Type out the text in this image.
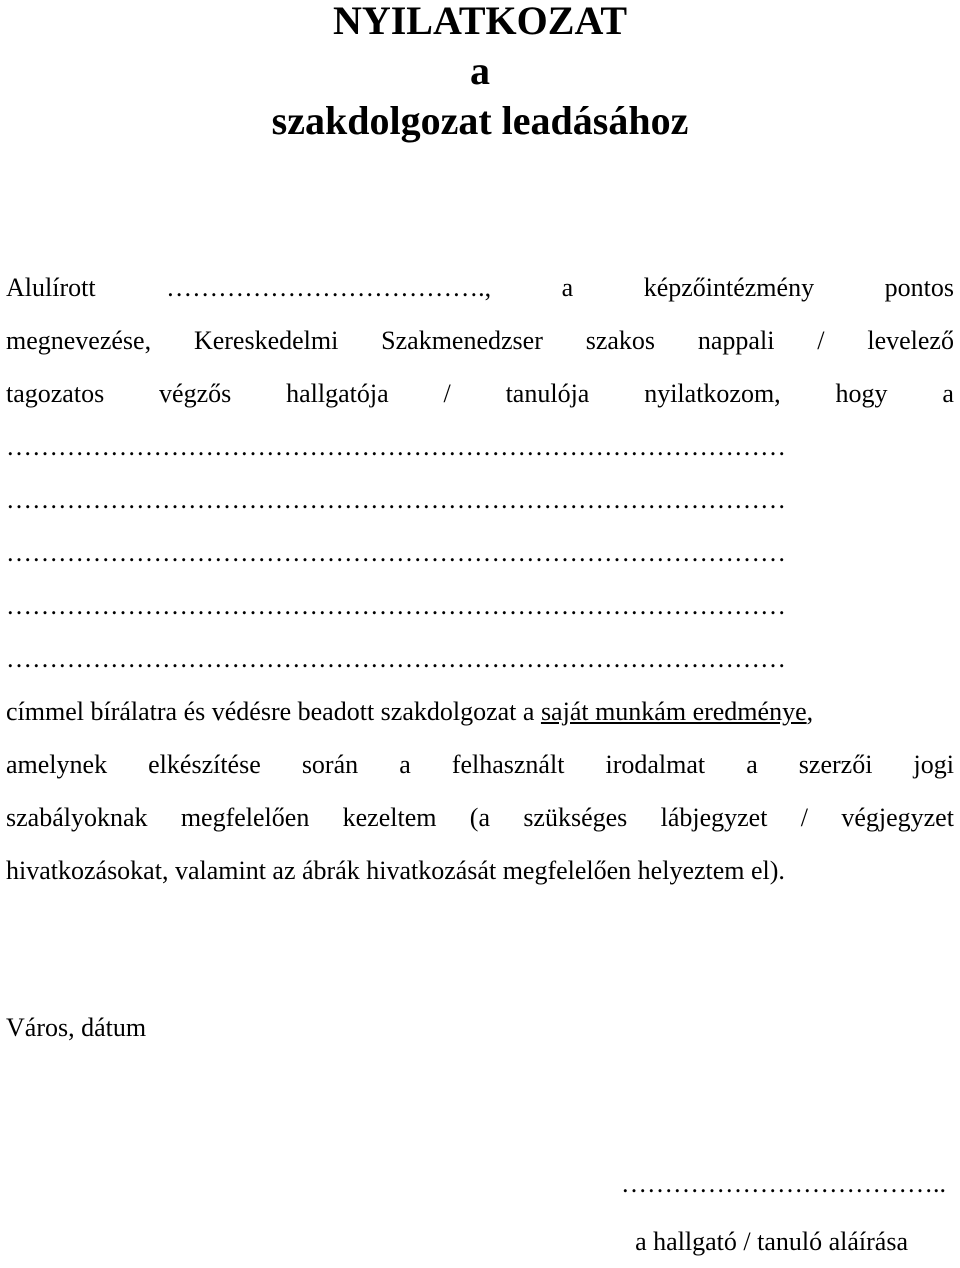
NYILATKOZAT
a
szakdolgozat leadásához
Alulírott	……………………………….,	a	képzőintézmény	pontos
megnevezése, Kereskedelmi Szakmenedzser szakos nappali / levelező
tagozatos végzős hallgatója / tanulója nyilatkozom, hogy a
………………………………………………………………………………
………………………………………………………………………………
………………………………………………………………………………
………………………………………………………………………………
………………………………………………………………………………
címmel bírálatra és védésre beadott szakdolgozat a saját munkám eredménye,
amelynek elkészítése során a felhasznált irodalmat a szerzői jogi
szabályoknak megfelelően kezeltem (a szükséges lábjegyzet / végjegyzet
hivatkozásokat, valamint az ábrák hivatkozását megfelelően helyeztem el).
Város, dátum
………………………………..
a hallgató / tanuló aláírása
